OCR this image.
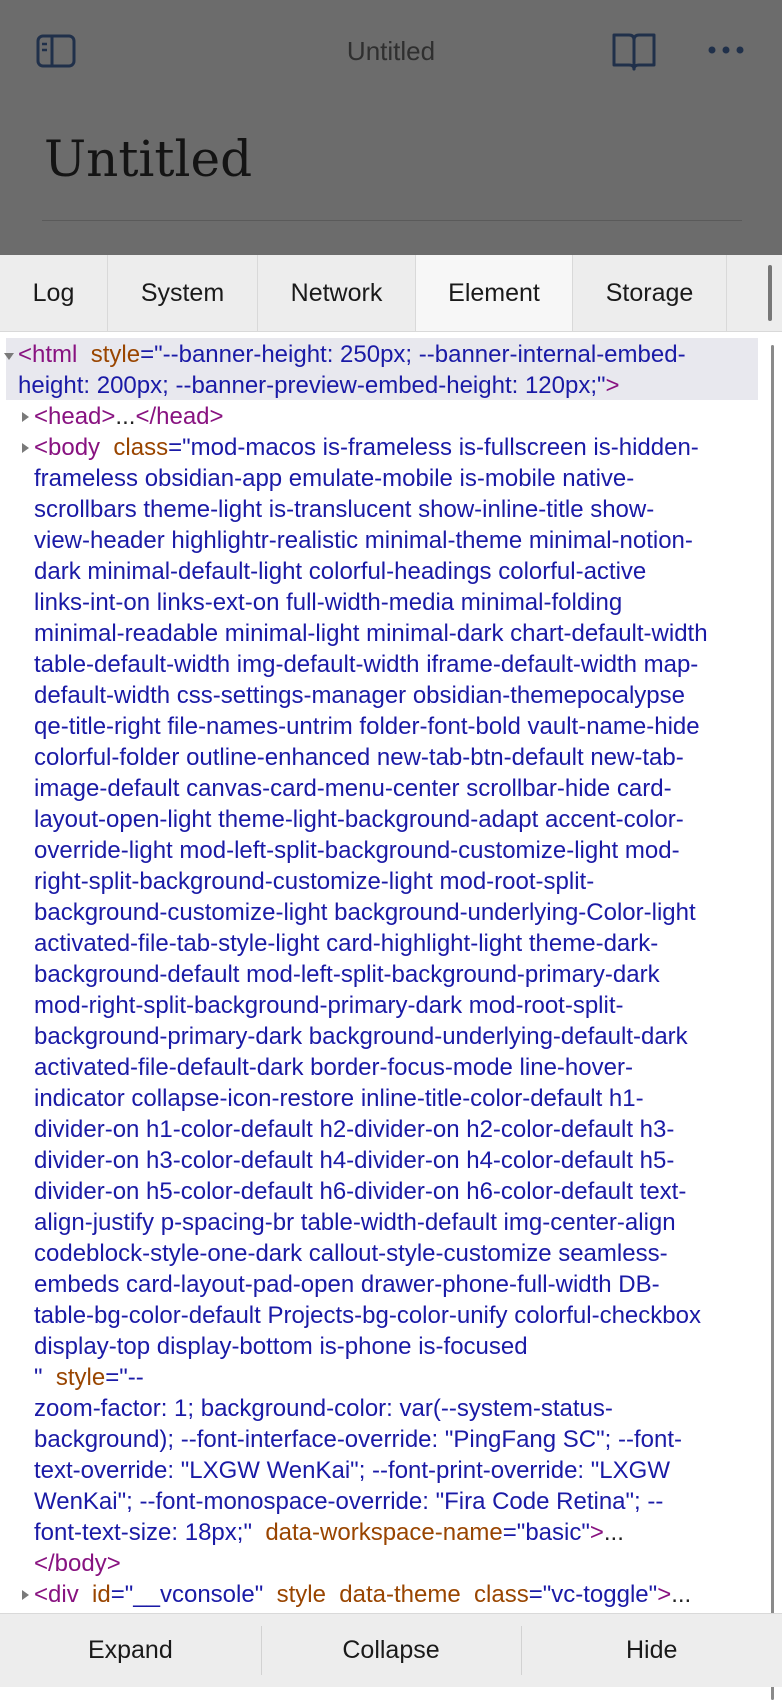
Untitled
Untitled
Log	System	Network	Element	Storage
<html style="--banner-height: 250px; --banner-internal-embed-
height: 200px; --banner-preview-embed-height: 120px;">
<head>...</head>
<body class="mod-macos is-frameless is-fullscreen is-hidden-
frameless obsidian-app emulate-mobile is-mobile native-
scrollbars theme-light is-translucent show-inline-title show-
view-header highlightr-realistic minimal-theme minimal-notion-
dark minimal-default-light colorful-headings colorful-active
links-int-on links-ext-on full-width-media minimal-folding
minimal-readable minimal-light minimal-dark chart-default-width
table-default-width img-default-width iframe-default-width map-
default-width css-settings-manager obsidian-themepocalypse
qe-title-right file-names-untrim folder-font-bold vault-name-hide
colorful-folder outline-enhanced new-tab-btn-default new-tab-
image-default canvas-card-menu-center scrollbar-hide card-
layout-open-light theme-light-background-adapt accent-color-
override-light mod-left-split-background-customize-light mod-
right-split-background-customize-light mod-root-split-
background-customize-light background-underlying-Color-light
activated-file-tab-style-light card-highlight-light theme-dark-
background-default mod-left-split-background-primary-dark
mod-right-split-background-primary-dark mod-root-split-
background-primary-dark background-underlying-default-dark
activated-file-default-dark border-focus-mode line-hover-
indicator collapse-icon-restore inline-title-color-default h1-
divider-on h1-color-default h2-divider-on h2-color-default h3-
divider-on h3-color-default h4-divider-on h4-color-default h5-
divider-on h5-color-default h6-divider-on h6-color-default text-
align-justify p-spacing-br table-width-default img-center-align
codeblock-style-one-dark callout-style-customize seamless-
embeds card-layout-pad-open drawer-phone-full-width DB-
table-bg-color-default Projects-bg-color-unify colorful-checkbox
display-top display-bottom is-phone is-focused
" style="--
zoom-factor: 1; background-color: var(--system-status-
background); --font-interface-override: "PingFang SC"; --font-
text-override: "LXGW WenKai"; --font-print-override: "LXGW
WenKai"; --font-monospace-override: "Fira Code Retina"; --
font-text-size: 18px;" data-workspace-name="basic">...
</body>
<div id="__vconsole" style data-theme class="vc-toggle">...
Expand	Collapse	Hide
